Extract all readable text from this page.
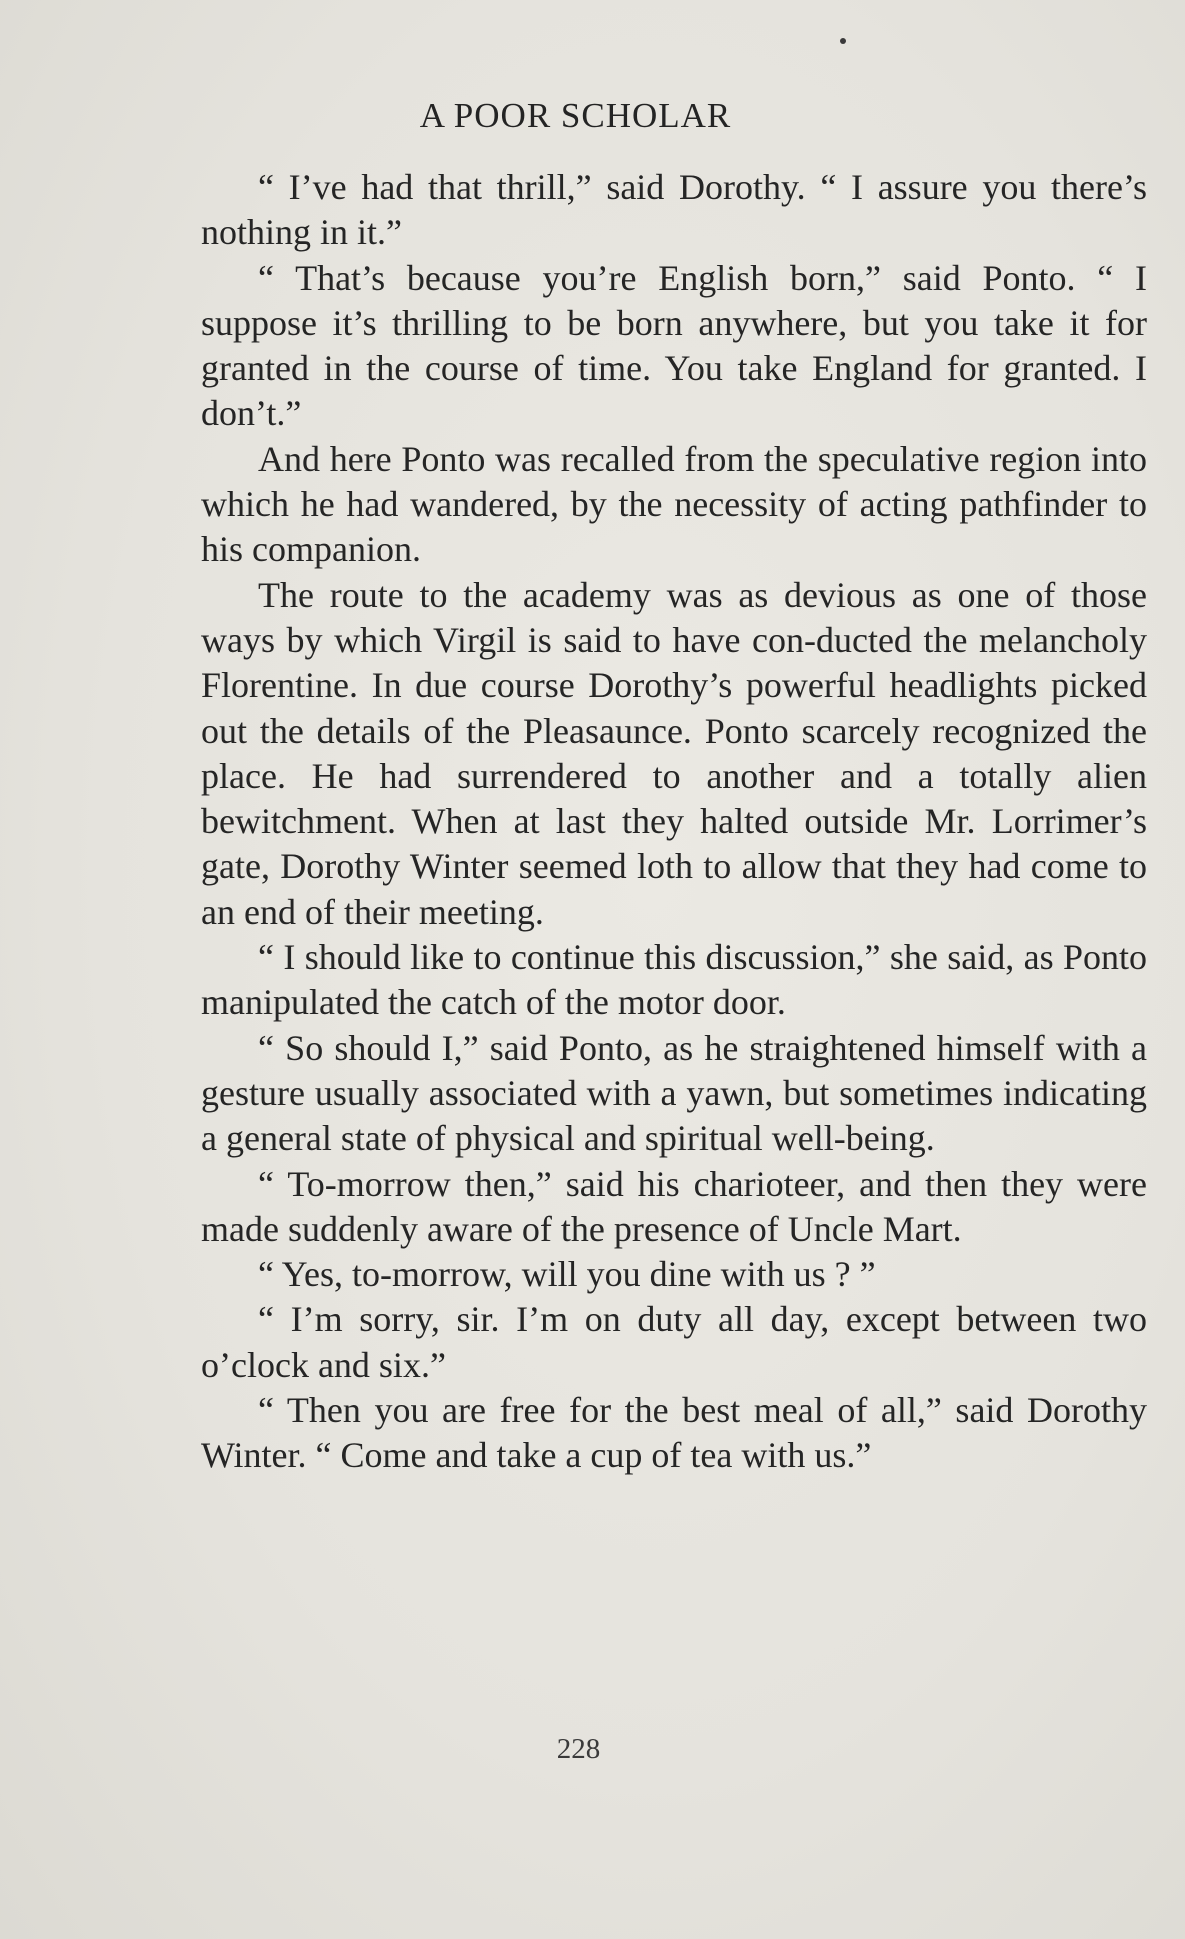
A POOR SCHOLAR

“ I’ve had that thrill,” said Dorothy. “ I assure you there’s nothing in it.”

“ That’s because you’re English born,” said Ponto. “ I suppose it’s thrilling to be born anywhere, but you take it for granted in the course of time. You take England for granted. I don’t.”

And here Ponto was recalled from the speculative region into which he had wandered, by the necessity of acting pathfinder to his companion.

The route to the academy was as devious as one of those ways by which Virgil is said to have con-ducted the melancholy Florentine. In due course Dorothy’s powerful headlights picked out the details of the Pleasaunce. Ponto scarcely recognized the place. He had surrendered to another and a totally alien bewitchment. When at last they halted outside Mr. Lorrimer’s gate, Dorothy Winter seemed loth to allow that they had come to an end of their meeting.

“ I should like to continue this discussion,” she said, as Ponto manipulated the catch of the motor door.

“ So should I,” said Ponto, as he straightened himself with a gesture usually associated with a yawn, but sometimes indicating a general state of physical and spiritual well-being.

“ To-morrow then,” said his charioteer, and then they were made suddenly aware of the presence of Uncle Mart.

“ Yes, to-morrow, will you dine with us ? ”

“ I’m sorry, sir. I’m on duty all day, except between two o’clock and six.”

“ Then you are free for the best meal of all,” said Dorothy Winter. “ Come and take a cup of tea with us.”

228
